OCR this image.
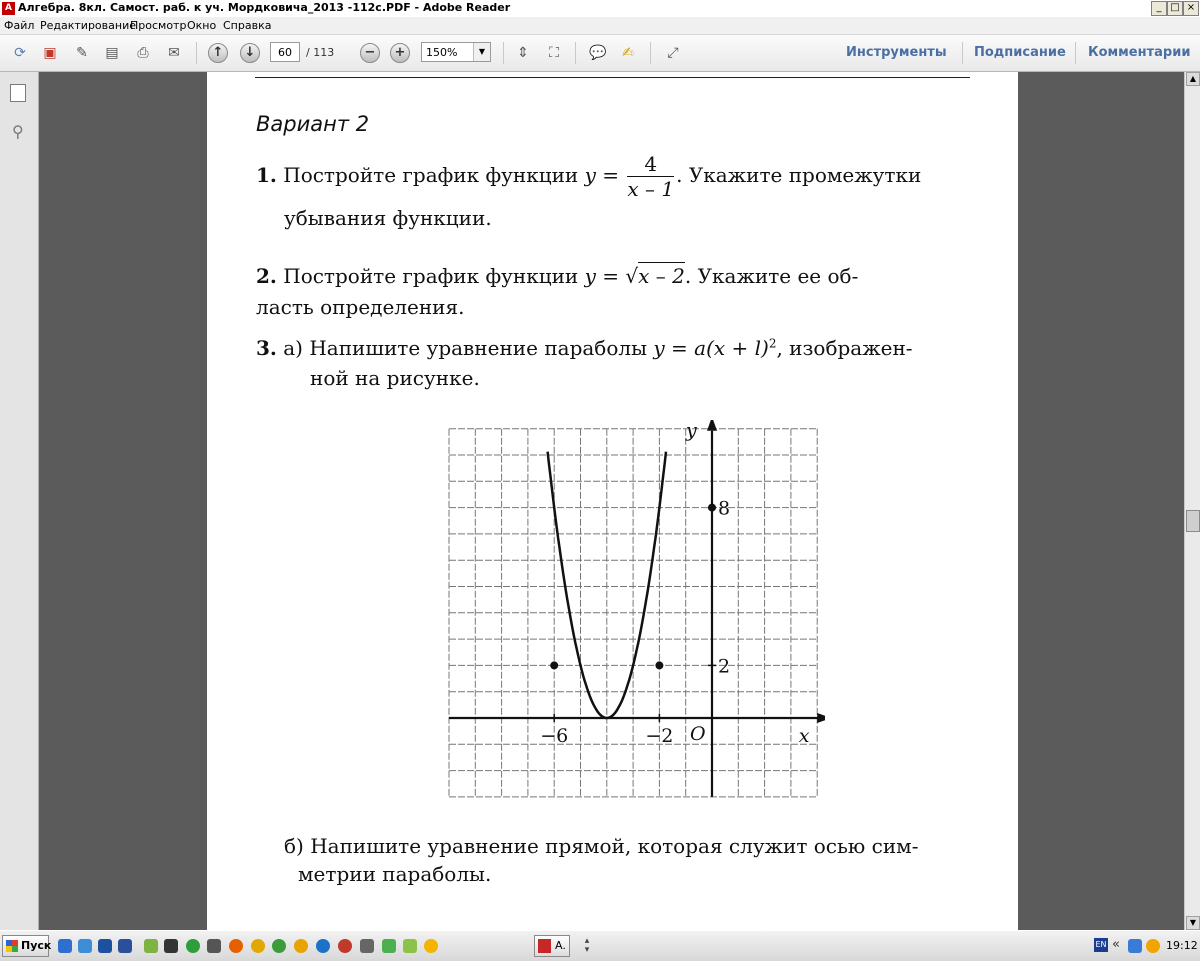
A Алгебра. 8кл. Самост. раб. к уч. Мордковича_2013 -112с.PDF - Adobe Reader	_ □ ×
Файл Редактирование
Просмотр Окно Справка
⟳ ▣ ✎ ▤	⎙	✉	↑	↓	−	+	⇕	⛶	💬 ✍	⤢
60	/ 113	150%	▼	Инструменты Подписание Комментарии
⚲	Вариант 2
1. Постройте график функции $y = \frac{4}{x - 1}$ . Укажите промежутки
убывания функции.
2. Постройте график функции y = √x – 2. Укажите ее об-
ласть определения.
3. а) Напишите уравнение параболы $y = a(x + l)^2$, изображен-
ной на рисунке.
−6	−2 O	x
y
2
8
б) Напишите уравнение прямой, которая служит осью сим-
метрии параболы.
▲
▼
Пуск	A.	▴
▾
EN «	19:12
